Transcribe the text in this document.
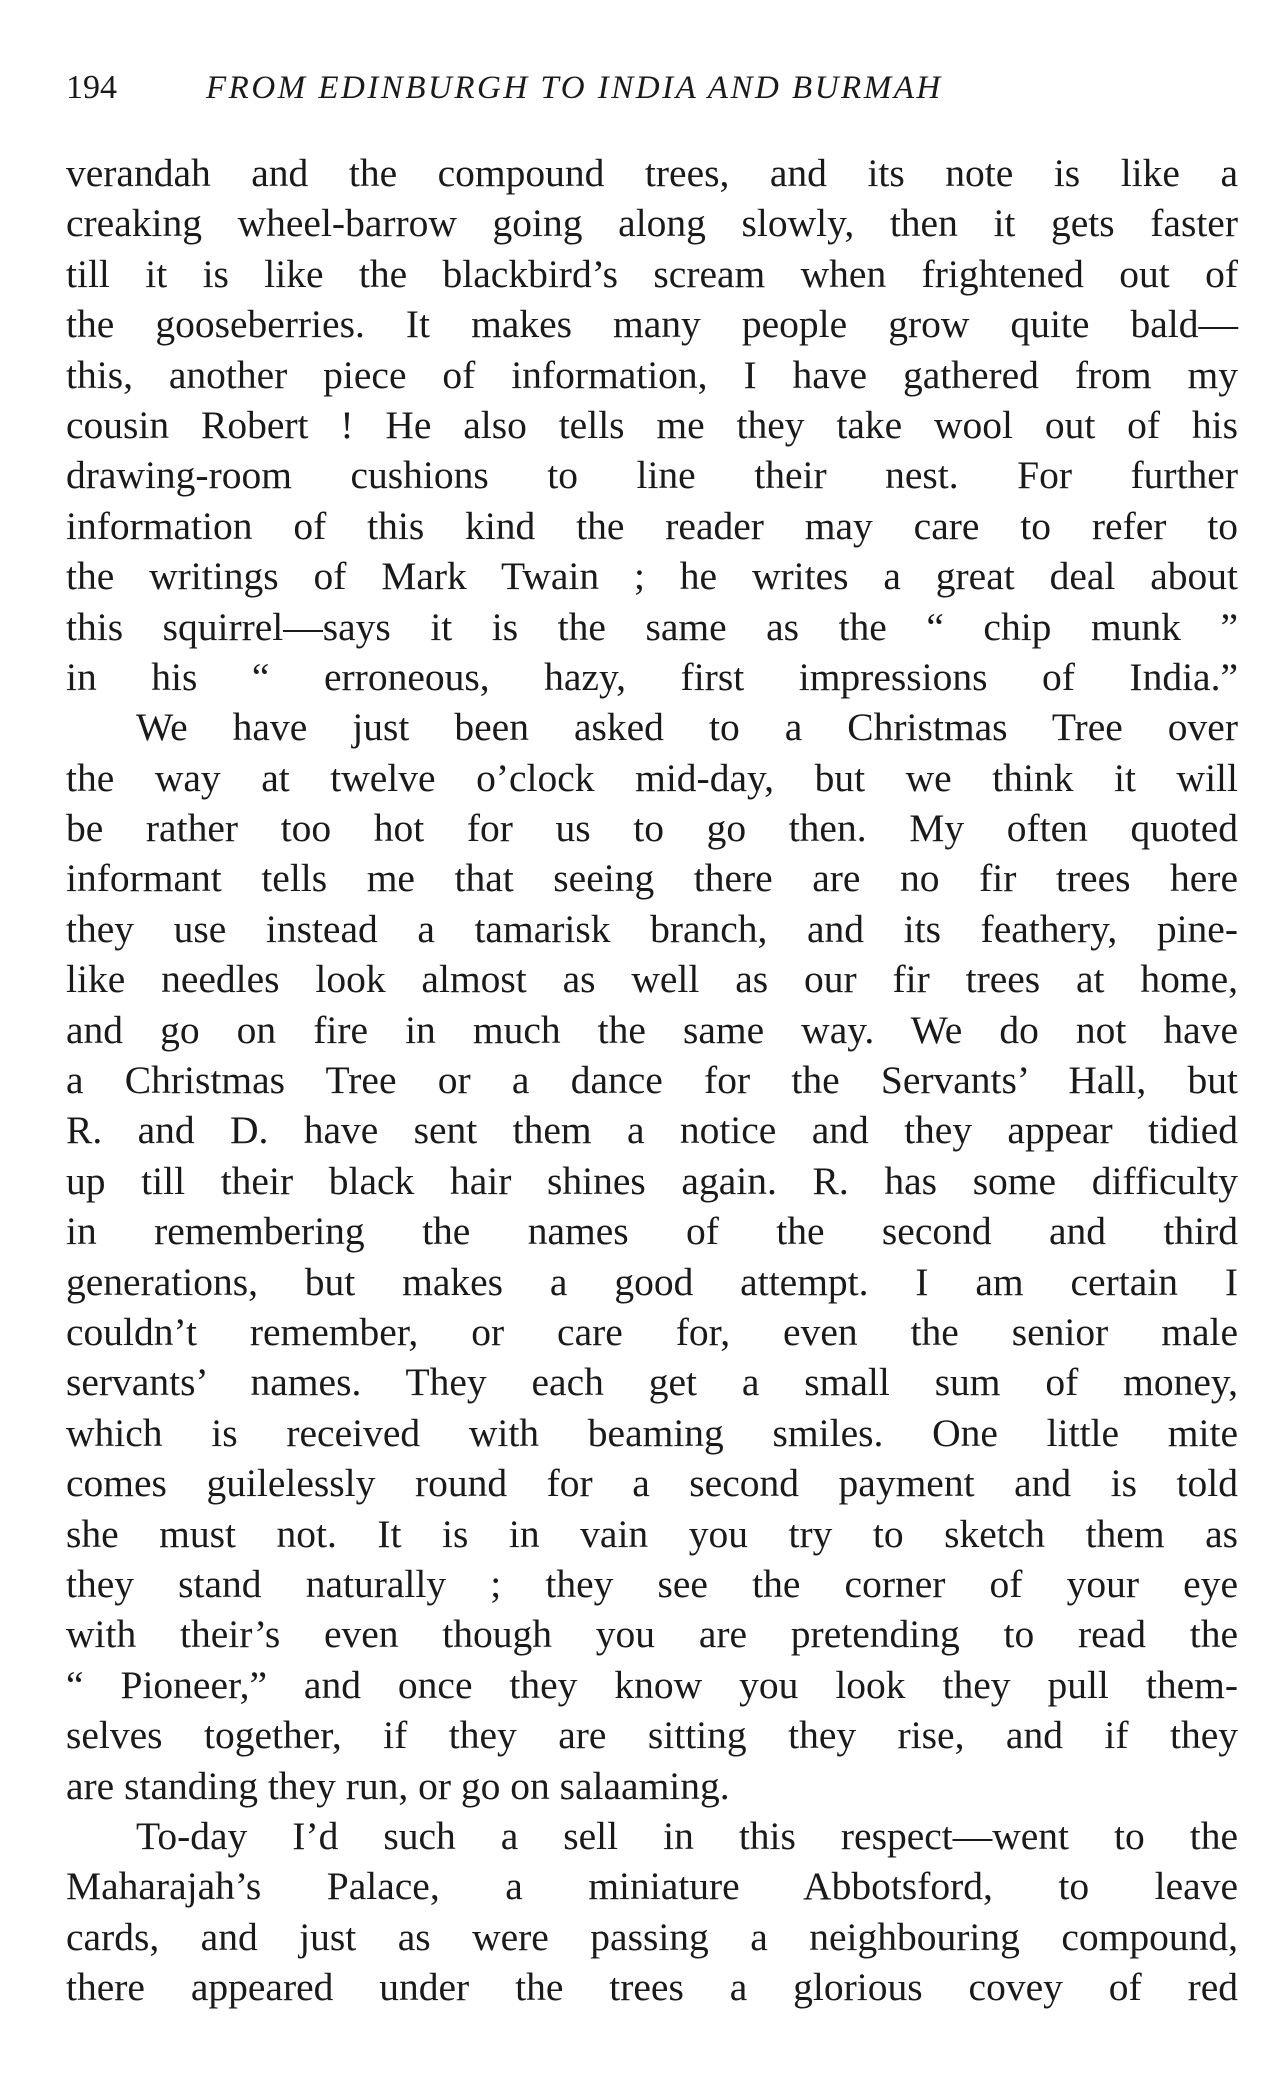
194	FROM EDINBURGH TO INDIA AND BURMAH
verandah and the compound trees, and its note is like a
creaking wheel-barrow going along slowly, then it gets faster
till it is like the blackbird’s scream when frightened out of
the gooseberries. It makes many people grow quite bald—
this, another piece of information, I have gathered from my
cousin Robert ! He also tells me they take wool out of his
drawing-room cushions to line their nest. For further
information of this kind the reader may care to refer to
the writings of Mark Twain ; he writes a great deal about
this squirrel—says it is the same as the “ chip munk ”
in his “ erroneous, hazy, first impressions of India.”
We have just been asked to a Christmas Tree over
the way at twelve o’clock mid-day, but we think it will
be rather too hot for us to go then. My often quoted
informant tells me that seeing there are no fir trees here
they use instead a tamarisk branch, and its feathery, pine-
like needles look almost as well as our fir trees at home,
and go on fire in much the same way. We do not have
a Christmas Tree or a dance for the Servants’ Hall, but
R. and D. have sent them a notice and they appear tidied
up till their black hair shines again. R. has some difficulty
in remembering the names of the second and third
generations, but makes a good attempt. I am certain I
couldn’t remember, or care for, even the senior male
servants’ names. They each get a small sum of money,
which is received with beaming smiles. One little mite
comes guilelessly round for a second payment and is told
she must not. It is in vain you try to sketch them as
they stand naturally ; they see the corner of your eye
with their’s even though you are pretending to read the
“ Pioneer,” and once they know you look they pull them-
selves together, if they are sitting they rise, and if they
are standing they run, or go on salaaming.
To-day I’d such a sell in this respect—went to the
Maharajah’s Palace, a miniature Abbotsford, to leave
cards, and just as were passing a neighbouring compound,
there appeared under the trees a glorious covey of red
